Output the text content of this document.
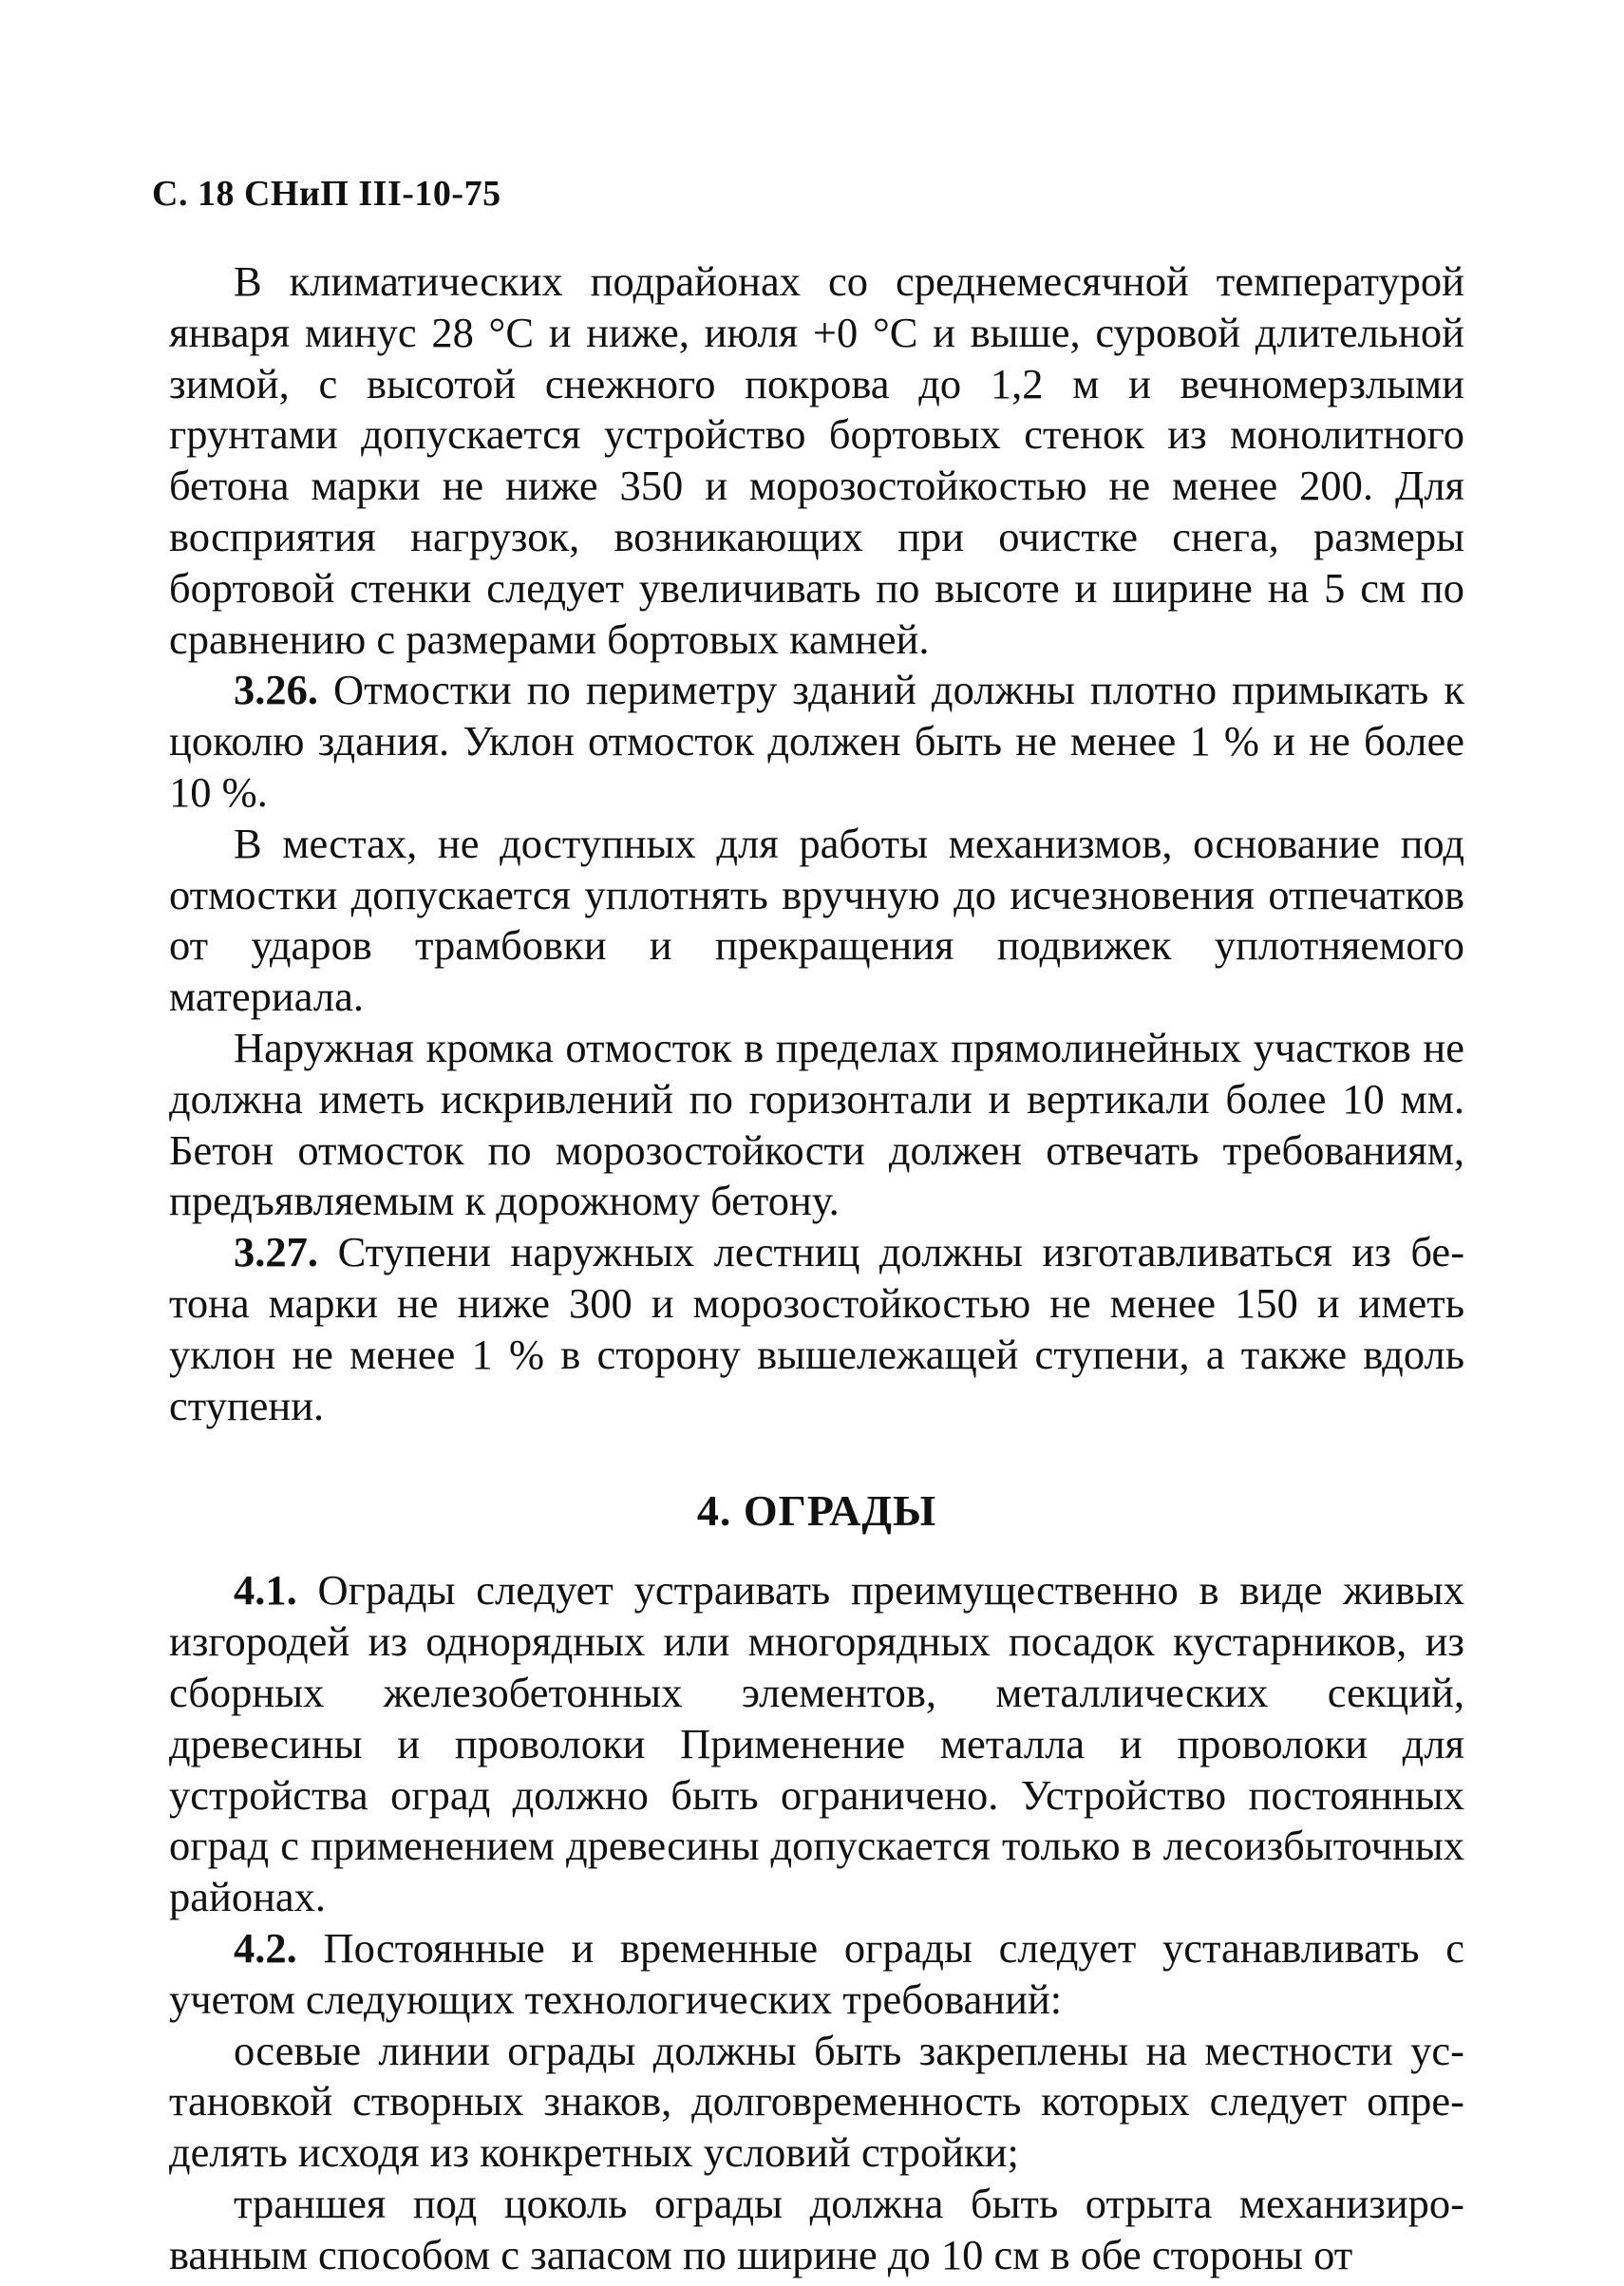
С. 18 СНиП III-10-75

В климатических подрайонах со среднемесячной температурой января минус 28 °С и ниже, июля +0 °С и выше, суровой длительной зимой, с высотой снежного покрова до 1,2 м и вечномерзлыми грунтами допускается устройство бортовых стенок из монолитного бетона марки не ниже 350 и морозостойкостью не менее 200. Для восприятия нагрузок, возникающих при очистке снега, размеры бортовой стенки следует увеличивать по высоте и ширине на 5 см по сравнению с размерами бортовых камней.

3.26. Отмостки по периметру зданий должны плотно примыкать к цоколю здания. Уклон отмосток должен быть не менее 1 % и не более 10 %.

В местах, не доступных для работы механизмов, основание под отмостки допускается уплотнять вручную до исчезновения отпечатков от ударов трамбовки и прекращения подвижек уплотняемого материала.

Наружная кромка отмосток в пределах прямолинейных участков не должна иметь искривлений по горизонтали и вертикали более 10 мм. Бетон отмосток по морозостойкости должен отвечать требованиям, предъявляемым к дорожному бетону.

3.27. Ступени наружных лестниц должны изготавливаться из бетона марки не ниже 300 и морозостойкостью не менее 150 и иметь уклон не менее 1 % в сторону вышележащей ступени, а также вдоль ступени.

4. ОГРАДЫ

4.1. Ограды следует устраивать преимущественно в виде живых изгородей из однорядных или многорядных посадок кустарников, из сборных железобетонных элементов, металлических секций, древесины и проволоки Применение металла и проволоки для устройства оград должно быть ограничено. Устройство постоянных оград с применением древесины допускается только в лесоизбыточных районах.

4.2. Постоянные и временные ограды следует устанавливать с учетом следующих технологических требований:

осевые линии ограды должны быть закреплены на местности установкой створных знаков, долговременность которых следует определять исходя из конкретных условий стройки;

траншея под цоколь ограды должна быть отрыта механизированным способом с запасом по ширине до 10 см в обе стороны от
